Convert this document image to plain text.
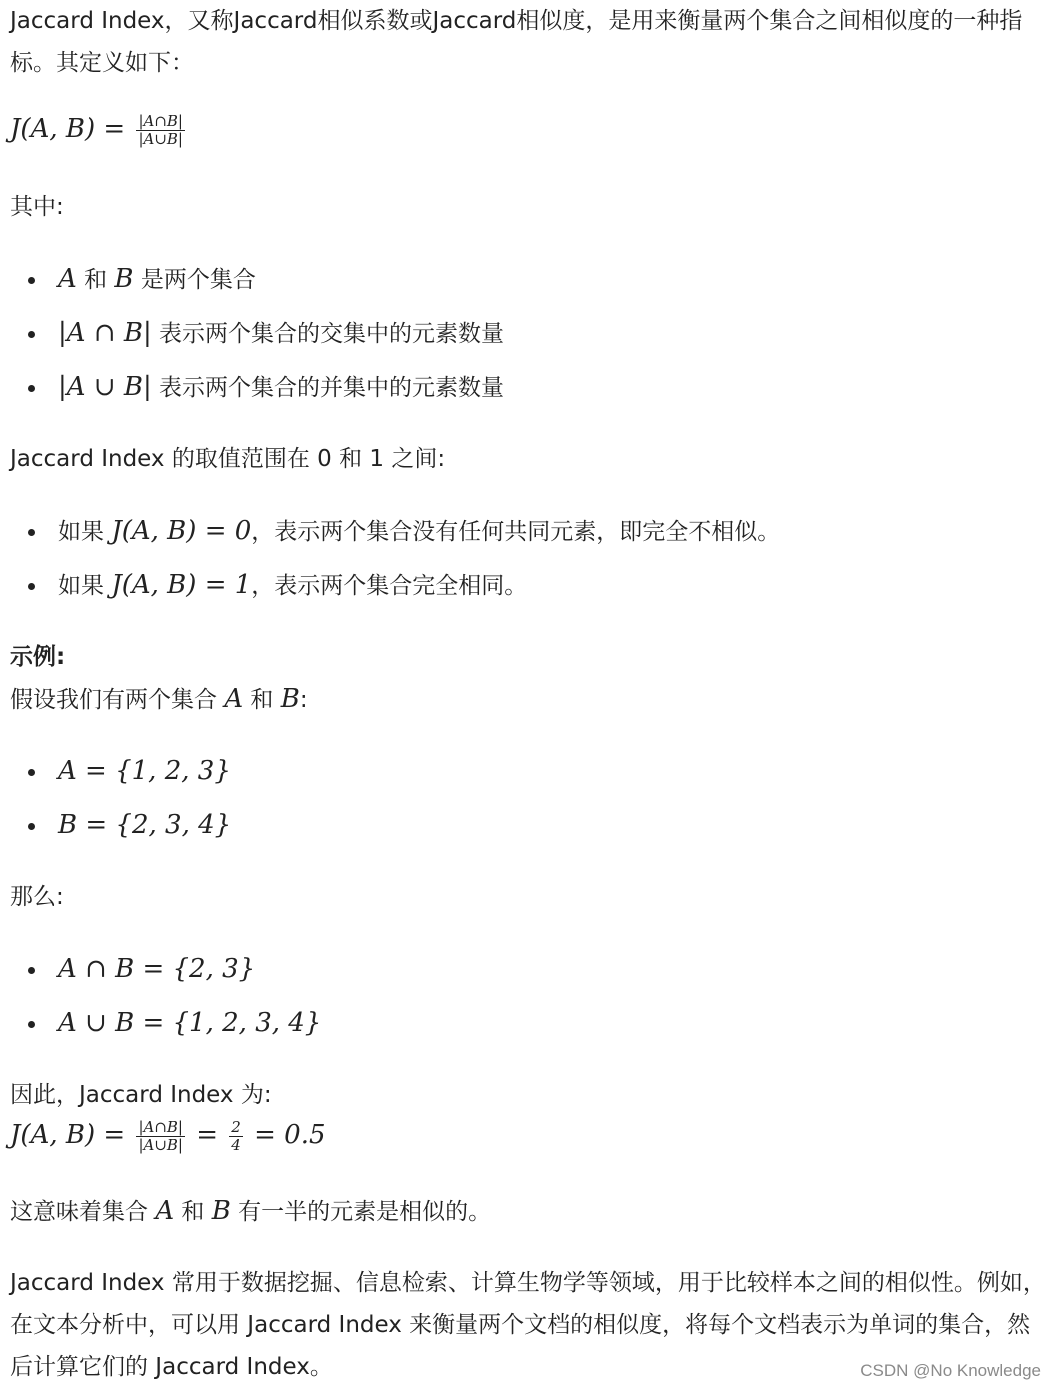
Jaccard Index，又称Jaccard相似系数或Jaccard相似度，是用来衡量两个集合之间相似度的一种指标。其定义如下：

J(A, $B) = \frac{|A\cap B|}{|A\cup B|}$

其中:

A 和 B 是两个集合
|A ∩ B| 表示两个集合的交集中的元素数量
|A ∪ B| 表示两个集合的并集中的元素数量

Jaccard Index 的取值范围在 0 和 1 之间:

如果 J(A, B) = 0，表示两个集合没有任何共同元素，即完全不相似。
如果 J(A, B) = 1，表示两个集合完全相同。

示例:

假设我们有两个集合 A 和 B:

A = {1, 2, 3}
B = {2, 3, 4}

那么:

A ∩ B = {2, 3}
A ∪ B = {1, 2, 3, 4}

因此，Jaccard Index 为:

J(A, $B) = \frac{|A\cap B|}{|A\cup B|} = \frac{2}{4} = 0.5$

这意味着集合 A 和 B 有一半的元素是相似的。

Jaccard Index 常用于数据挖掘、信息检索、计算生物学等领域，用于比较样本之间的相似性。例如，在文本分析中，可以用 Jaccard Index 来衡量两个文档的相似度，将每个文档表示为单词的集合，然后计算它们的 Jaccard Index。	CSDN @No Knowledge
